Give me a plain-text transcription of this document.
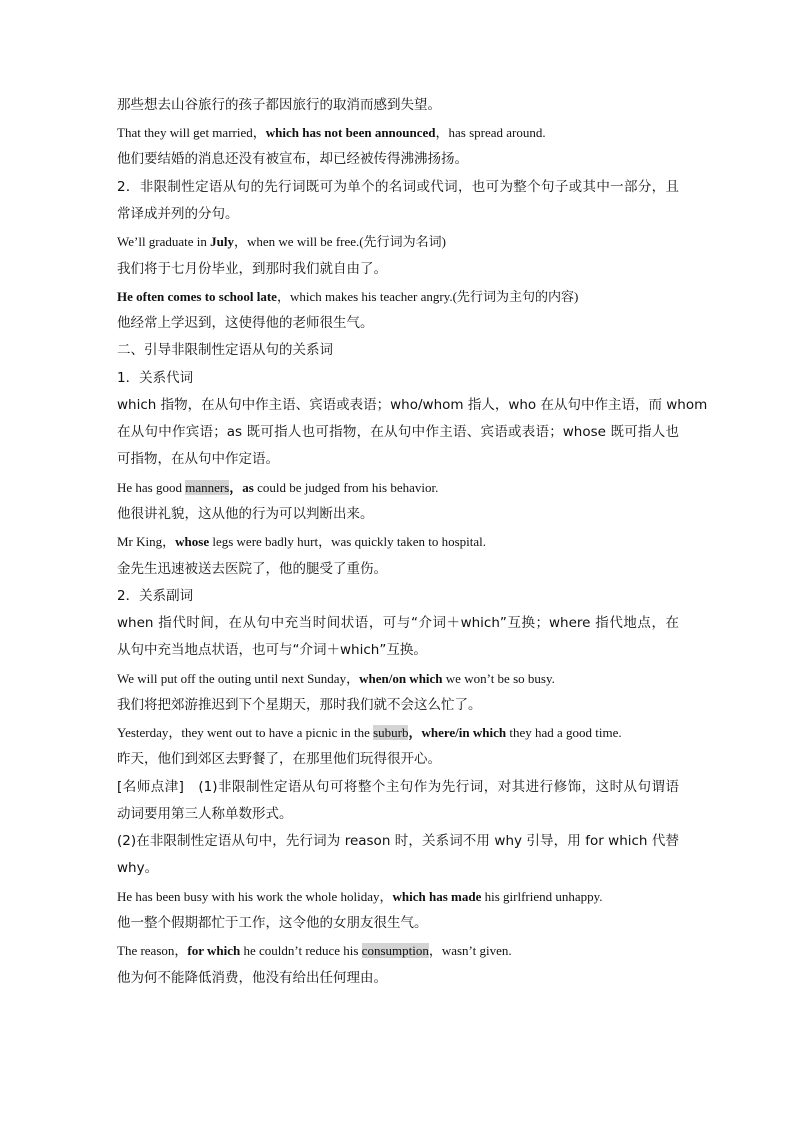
那些想去山谷旅行的孩子都因旅行的取消而感到失望。
That they will get married，which has not been announced，has spread around.
他们要结婚的消息还没有被宣布，却已经被传得沸沸扬扬。
2．非限制性定语从句的先行词既可为单个的名词或代词，也可为整个句子或其中一部分，且
常译成并列的分句。
We’ll graduate in July，when we will be free.(先行词为名词)
我们将于七月份毕业，到那时我们就自由了。
He often comes to school late，which makes his teacher angry.(先行词为主句的内容)
他经常上学迟到，这使得他的老师很生气。
二、引导非限制性定语从句的关系词
1．关系代词
which 指物，在从句中作主语、宾语或表语；who/whom 指人，who 在从句中作主语，而 whom
在从句中作宾语；as 既可指人也可指物，在从句中作主语、宾语或表语；whose 既可指人也
可指物，在从句中作定语。
He has good manners，as could be judged from his behavior.
他很讲礼貌，这从他的行为可以判断出来。
Mr King，whose legs were badly hurt，was quickly taken to hospital.
金先生迅速被送去医院了，他的腿受了重伤。
2．关系副词
when 指代时间，在从句中充当时间状语，可与“介词＋which”互换；where 指代地点，在
从句中充当地点状语，也可与“介词＋which”互换。
We will put off the outing until next Sunday，when/on which we won’t be so busy.
我们将把郊游推迟到下个星期天，那时我们就不会这么忙了。
Yesterday，they went out to have a picnic in the suburb，where/in which they had a good time.
昨天，他们到郊区去野餐了，在那里他们玩得很开心。
[名师点津]　(1)非限制性定语从句可将整个主句作为先行词，对其进行修饰，这时从句谓语
动词要用第三人称单数形式。
(2)在非限制性定语从句中，先行词为 reason 时，关系词不用 why 引导，用 for which 代替
why。
He has been busy with his work the whole holiday，which has made his girlfriend unhappy.
他一整个假期都忙于工作，这令他的女朋友很生气。
The reason，for which he couldn’t reduce his consumption，wasn’t given.
他为何不能降低消费，他没有给出任何理由。
